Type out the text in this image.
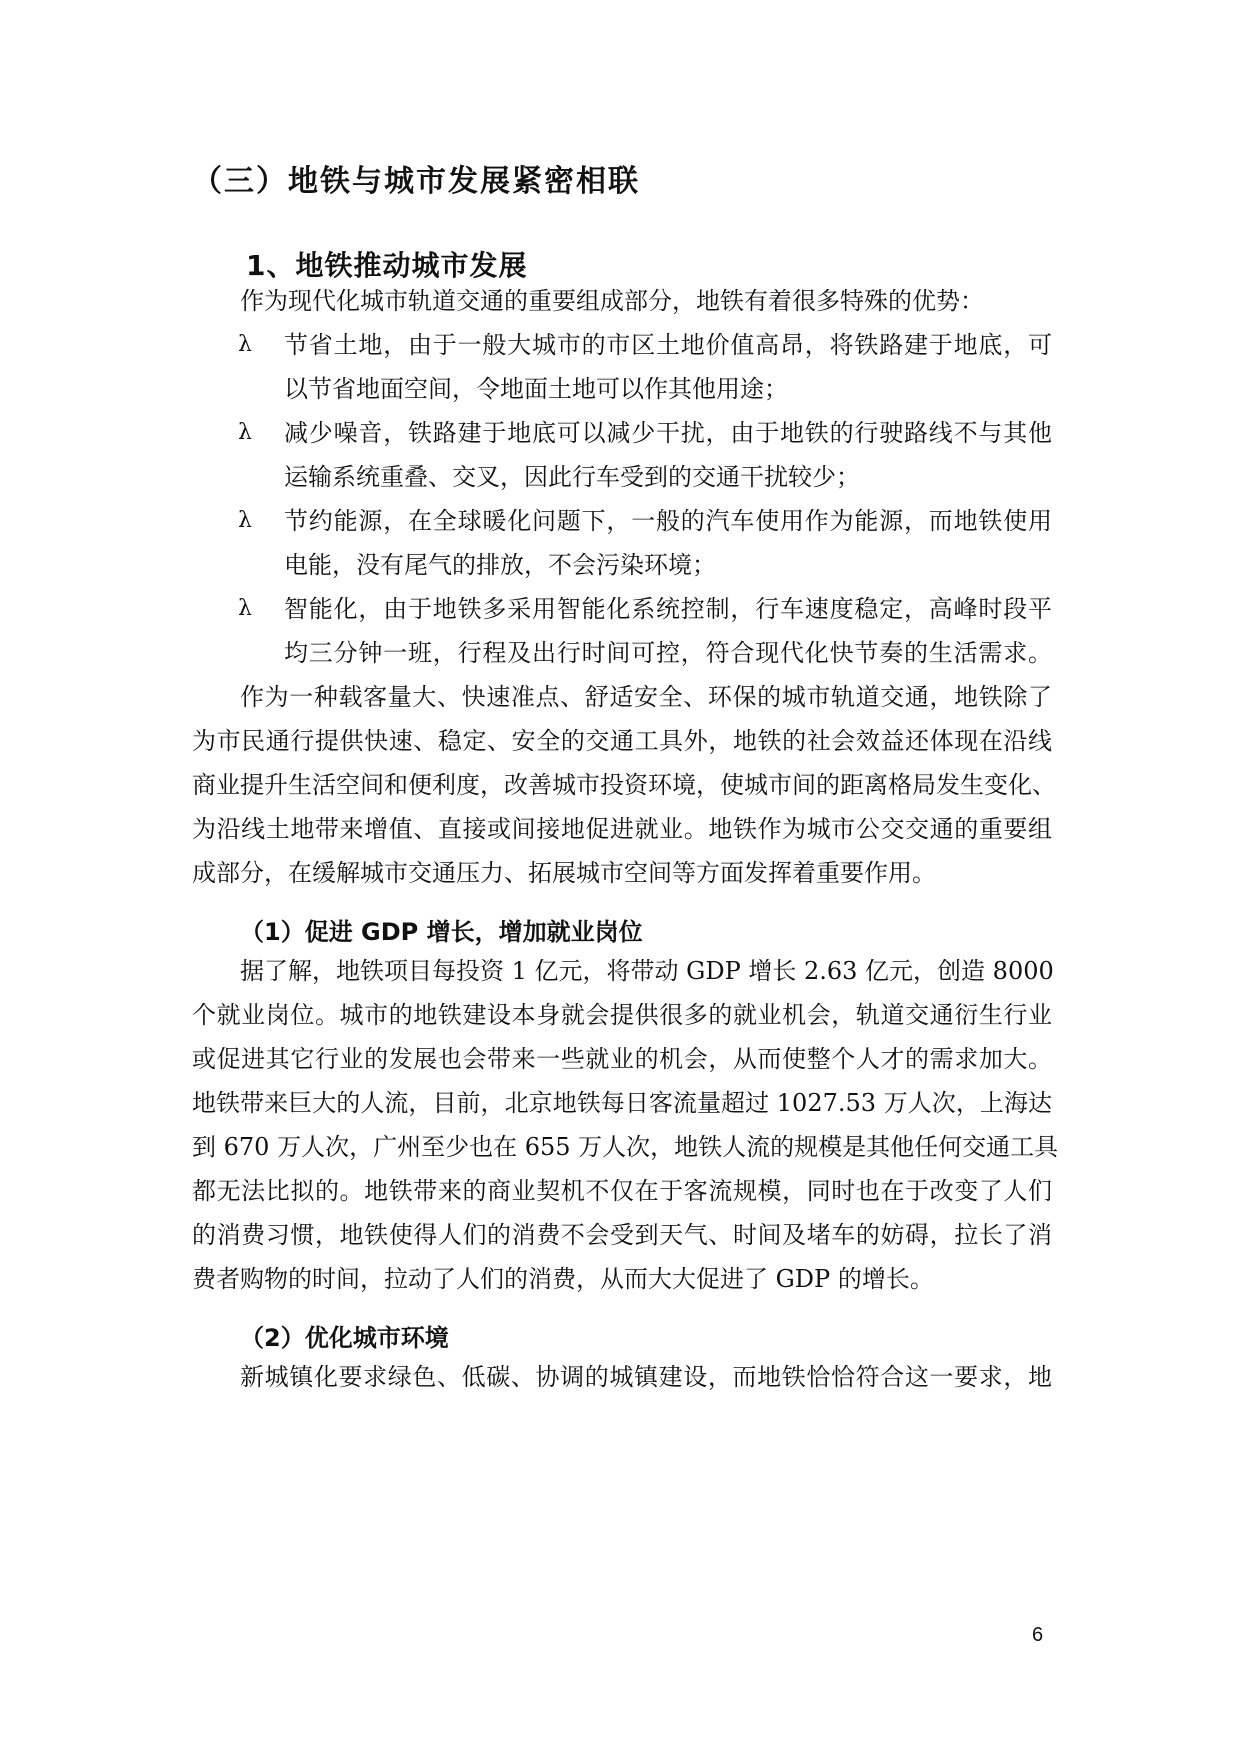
（三）地铁与城市发展紧密相联
1、地铁推动城市发展
作为现代化城市轨道交通的重要组成部分，地铁有着很多特殊的优势：
λ 节省土地，由于一般大城市的市区土地价值高昂，将铁路建于地底，可
以节省地面空间，令地面土地可以作其他用途；
λ 减少噪音，铁路建于地底可以减少干扰，由于地铁的行驶路线不与其他
运输系统重叠、交叉，因此行车受到的交通干扰较少；
λ 节约能源，在全球暖化问题下，一般的汽车使用作为能源，而地铁使用
电能，没有尾气的排放，不会污染环境；
λ 智能化，由于地铁多采用智能化系统控制，行车速度稳定，高峰时段平
均三分钟一班，行程及出行时间可控，符合现代化快节奏的生活需求。
作为一种载客量大、快速准点、舒适安全、环保的城市轨道交通，地铁除了
为市民通行提供快速、稳定、安全的交通工具外，地铁的社会效益还体现在沿线
商业提升生活空间和便利度，改善城市投资环境，使城市间的距离格局发生变化、
为沿线土地带来增值、直接或间接地促进就业。地铁作为城市公交交通的重要组
成部分，在缓解城市交通压力、拓展城市空间等方面发挥着重要作用。
（1）促进 GDP 增长，增加就业岗位
据了解，地铁项目每投资 1 亿元，将带动 GDP 增长 2.63 亿元，创造 8000
个就业岗位。城市的地铁建设本身就会提供很多的就业机会，轨道交通衍生行业
或促进其它行业的发展也会带来一些就业的机会，从而使整个人才的需求加大。
地铁带来巨大的人流，目前，北京地铁每日客流量超过 1027.53 万人次，上海达
到 670 万人次，广州至少也在 655 万人次，地铁人流的规模是其他任何交通工具
都无法比拟的。地铁带来的商业契机不仅在于客流规模，同时也在于改变了人们
的消费习惯，地铁使得人们的消费不会受到天气、时间及堵车的妨碍，拉长了消
费者购物的时间，拉动了人们的消费，从而大大促进了 GDP 的增长。
（2）优化城市环境
新城镇化要求绿色、低碳、协调的城镇建设，而地铁恰恰符合这一要求，地
6
